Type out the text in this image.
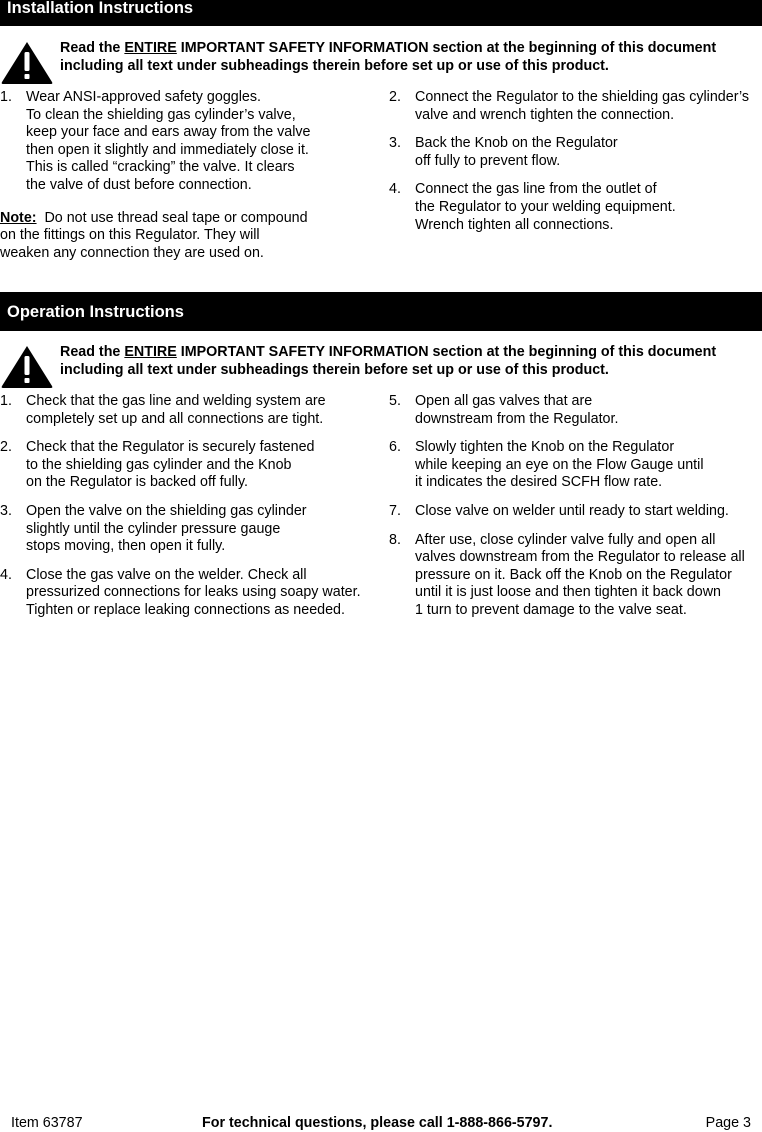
Installation Instructions
Read the ENTIRE IMPORTANT SAFETY INFORMATION section at the beginning of this document
including all text under subheadings therein before set up or use of this product.
1. Wear ANSI-approved safety goggles.
To clean the shielding gas cylinder’s valve,
keep your face and ears away from the valve
then open it slightly and immediately close it.
This is called “cracking” the valve. It clears
the valve of dust before connection.
Note:  Do not use thread seal tape or compound
on the fittings on this Regulator. They will
weaken any connection they are used on.
2. Connect the Regulator to the shielding gas cylinder’s
valve and wrench tighten the connection.
3. Back the Knob on the Regulator
off fully to prevent flow.
4. Connect the gas line from the outlet of
the Regulator to your welding equipment.
Wrench tighten all connections.
Operation Instructions
Read the ENTIRE IMPORTANT SAFETY INFORMATION section at the beginning of this document
including all text under subheadings therein before set up or use of this product.
1. Check that the gas line and welding system are
completely set up and all connections are tight.
2. Check that the Regulator is securely fastened
to the shielding gas cylinder and the Knob
on the Regulator is backed off fully.
3. Open the valve on the shielding gas cylinder
slightly until the cylinder pressure gauge
stops moving, then open it fully.
4. Close the gas valve on the welder. Check all
pressurized connections for leaks using soapy water.
Tighten or replace leaking connections as needed.
5. Open all gas valves that are
downstream from the Regulator.
6. Slowly tighten the Knob on the Regulator
while keeping an eye on the Flow Gauge until
it indicates the desired SCFH flow rate.
7. Close valve on welder until ready to start welding.
8. After use, close cylinder valve fully and open all
valves downstream from the Regulator to release all
pressure on it. Back off the Knob on the Regulator
until it is just loose and then tighten it back down
1 turn to prevent damage to the valve seat.
Item 63787	For technical questions, please call 1-888-866-5797.	Page 3
